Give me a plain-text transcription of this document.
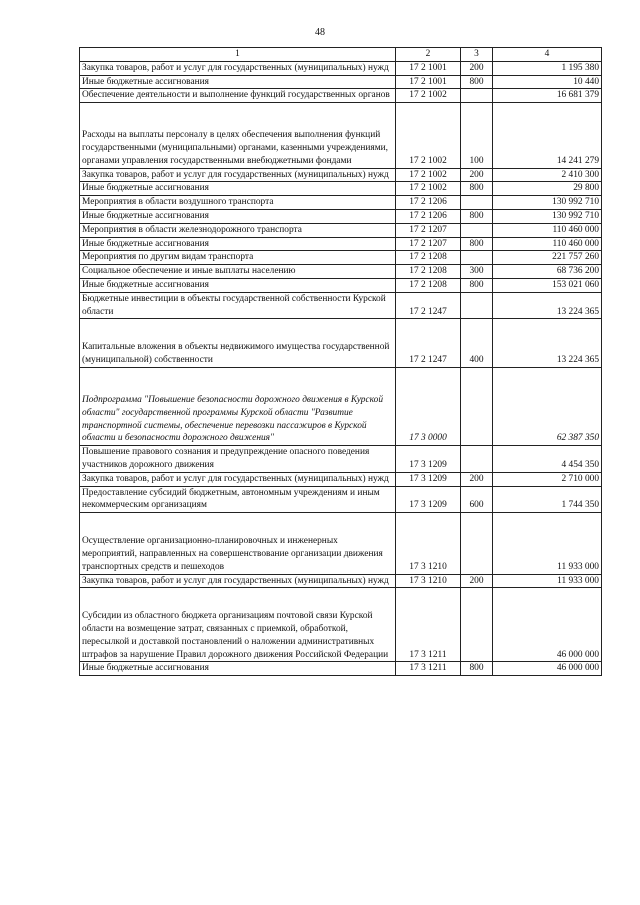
48
1	2	3	4
Закупка товаров, работ и услуг для государственных (муниципальных) нужд	17 2 1001	200	1 195 380
Иные бюджетные ассигнования	17 2 1001	800	10 440
Обеспечение деятельности и выполнение функций государственных органов	17 2 1002		16 681 379
Расходы на выплаты персоналу в целях обеспечения выполнения функций государственными (муниципальными) органами, казенными учреждениями, органами управления государственными внебюджетными фондами	17 2 1002	100	14 241 279
Закупка товаров, работ и услуг для государственных (муниципальных) нужд	17 2 1002	200	2 410 300
Иные бюджетные ассигнования	17 2 1002	800	29 800
Мероприятия в области воздушного транспорта	17 2 1206		130 992 710
Иные бюджетные ассигнования	17 2 1206	800	130 992 710
Мероприятия в области железнодорожного транспорта	17 2 1207		110 460 000
Иные бюджетные ассигнования	17 2 1207	800	110 460 000
Мероприятия по другим видам транспорта	17 2 1208		221 757 260
Социальное обеспечение и иные выплаты населению	17 2 1208	300	68 736 200
Иные бюджетные ассигнования	17 2 1208	800	153 021 060
Бюджетные инвестиции в объекты государственной собственности Курской области	17 2 1247		13 224 365
Капитальные вложения в объекты недвижимого имущества государственной (муниципальной) собственности	17 2 1247	400	13 224 365
Подпрограмма "Повышение безопасности дорожного движения в Курской области" государственной программы Курской области "Развитие транспортной системы, обеспечение перевозки пассажиров в Курской области и безопасности дорожного движения"	17 3 0000		62 387 350
Повышение правового сознания и предупреждение опасного поведения участников дорожного движения	17 3 1209		4 454 350
Закупка товаров, работ и услуг для государственных (муниципальных) нужд	17 3 1209	200	2 710 000
Предоставление субсидий бюджетным, автономным учреждениям и иным некоммерческим организациям	17 3 1209	600	1 744 350
Осуществление организационно-планировочных и инженерных мероприятий, направленных на совершенствование организации движения транспортных средств и пешеходов	17 3 1210		11 933 000
Закупка товаров, работ и услуг для государственных (муниципальных) нужд	17 3 1210	200	11 933 000
Субсидии из областного бюджета организациям почтовой связи Курской области на возмещение затрат, связанных с приемкой, обработкой, пересылкой и доставкой постановлений о наложении административных штрафов за нарушение Правил дорожного движения Российской Федерации	17 3 1211		46 000 000
Иные бюджетные ассигнования	17 3 1211	800	46 000 000
